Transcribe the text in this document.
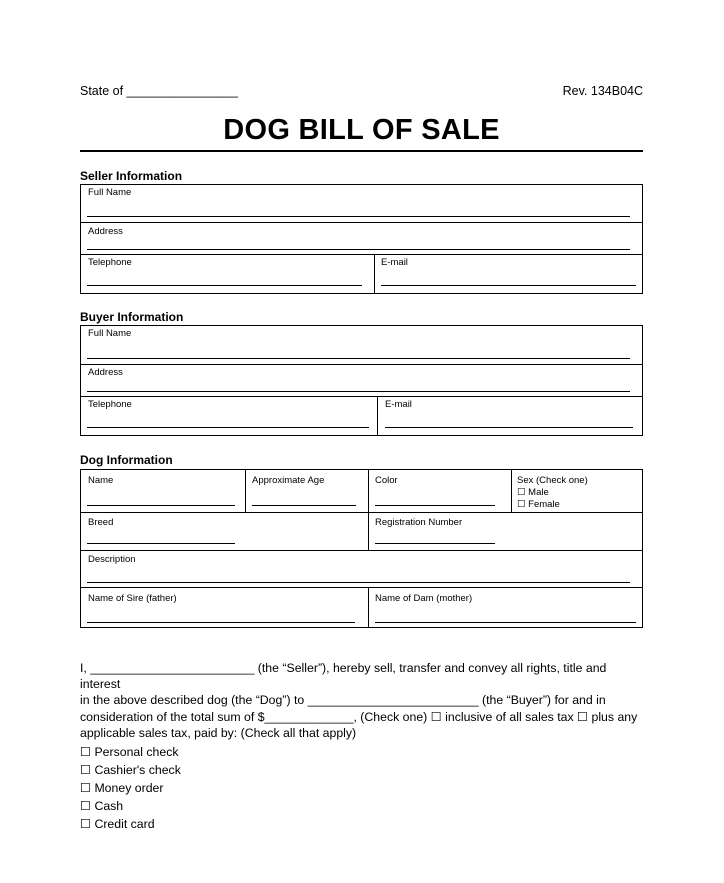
State of ________________	Rev. 134B04C
DOG BILL OF SALE
Seller Information
Full Name
Address
Telephone	E-mail
Buyer Information
Full Name
Address
Telephone	E-mail
Dog Information
Name	Approximate Age	Color	Sex (Check one)
☐ Male
☐ Female
Breed	Registration Number
Description
Name of Sire (father)	Name of Dam (mother)
I, ________________________ (the “Seller”), hereby sell, transfer and convey all rights, title and interest
in the above described dog (the “Dog”) to _________________________ (the “Buyer”) for and in
consideration of the total sum of $_____________, (Check one) ☐ inclusive of all sales tax ☐ plus any
applicable sales tax, paid by: (Check all that apply)
☐ Personal check
☐ Cashier's check
☐ Money order
☐ Cash
☐ Credit card
